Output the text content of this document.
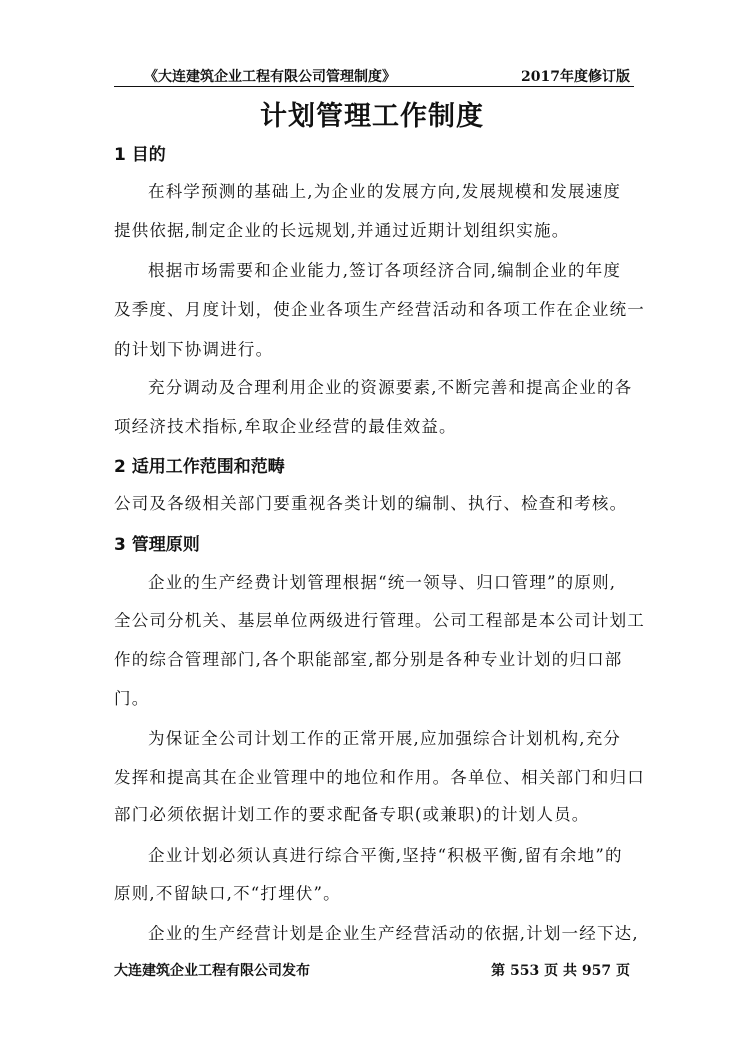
《大连建筑企业工程有限公司管理制度》	2017年度修订版
计划管理工作制度
1 目的
在科学预测的基础上,为企业的发展方向,发展规模和发展速度
提供依据,制定企业的长远规划,并通过近期计划组织实施。
根据市场需要和企业能力,签订各项经济合同,编制企业的年度
及季度、月度计划，使企业各项生产经营活动和各项工作在企业统一
的计划下协调进行。
充分调动及合理利用企业的资源要素,不断完善和提高企业的各
项经济技术指标,牟取企业经营的最佳效益。
2 适用工作范围和范畴
公司及各级相关部门要重视各类计划的编制、执行、检查和考核。
3 管理原则
企业的生产经费计划管理根据“统一领导、归口管理”的原则,
全公司分机关、基层单位两级进行管理。公司工程部是本公司计划工
作的综合管理部门,各个职能部室,都分别是各种专业计划的归口部
门。
为保证全公司计划工作的正常开展,应加强综合计划机构,充分
发挥和提高其在企业管理中的地位和作用。各单位、相关部门和归口
部门必须依据计划工作的要求配备专职(或兼职)的计划人员。
企业计划必须认真进行综合平衡,坚持“积极平衡,留有余地”的
原则,不留缺口,不“打埋伏”。
企业的生产经营计划是企业生产经营活动的依据,计划一经下达,
大连建筑企业工程有限公司发布	第 553 页 共 957 页
